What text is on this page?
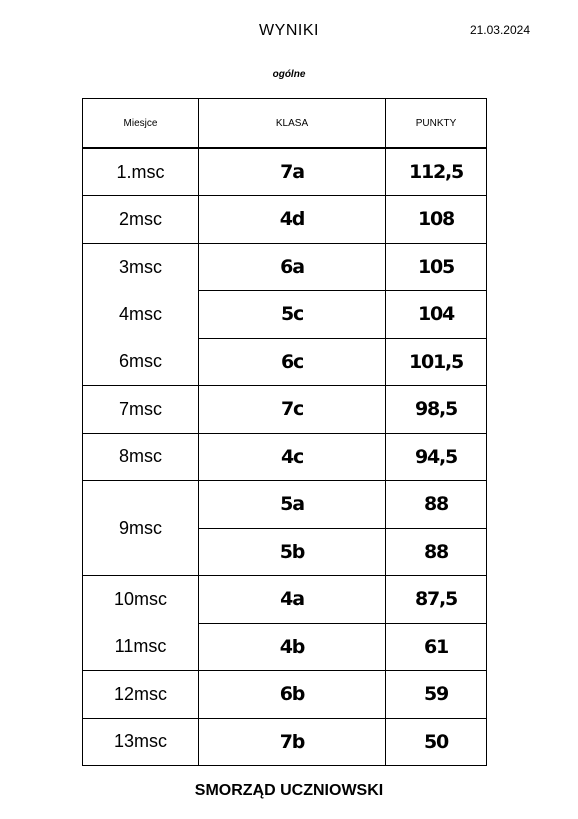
WYNIKI	21.03.2024
ogólne
Miesjce	KLASA	PUNKTY
1.msc	7a	112,5
2msc	4d	108
3msc	6a	105
4msc	5c	104
6msc	6c	101,5
7msc	7c	98,5
8msc	4c	94,5
9msc	5a	88
	5b	88
10msc	4a	87,5
11msc	4b	61
12msc	6b	59
13msc	7b	50
SMORZĄD UCZNIOWSKI
